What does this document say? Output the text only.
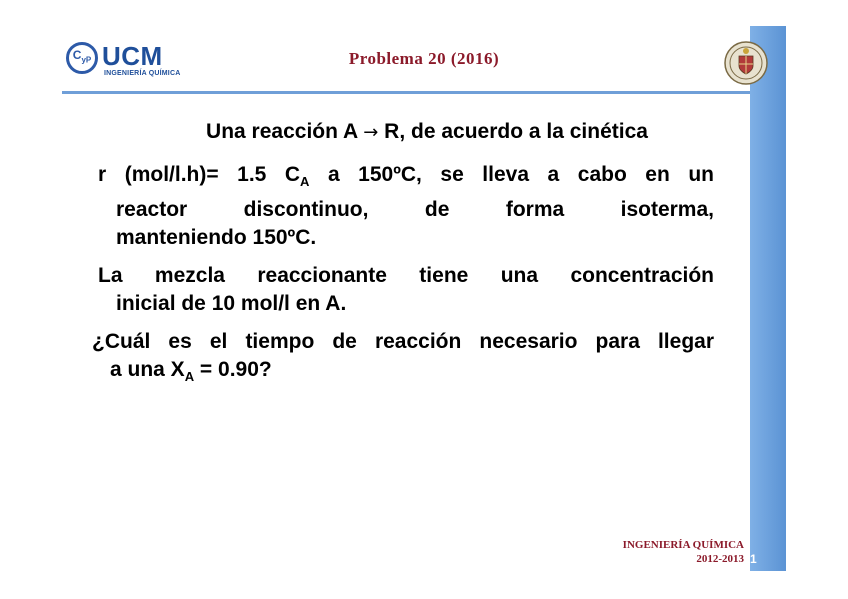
$C_{yP}$ UCM
INGENIERÍA QUÍMICA
Problema 20 (2016)
Una reacción A → R, de acuerdo a la cinética
r (mol/l.h)= 1.5 $C_A$ a 150ºC, se lleva a cabo en un
reactor discontinuo, de forma isoterma,
manteniendo 150ºC.
La mezcla reaccionante tiene una concentración
inicial de 10 mol/l en A.
¿Cuál es el tiempo de reacción necesario para llegar
a una $X_A = 0.90$?
INGENIERÍA QUÍMICA
2012-2013 1
